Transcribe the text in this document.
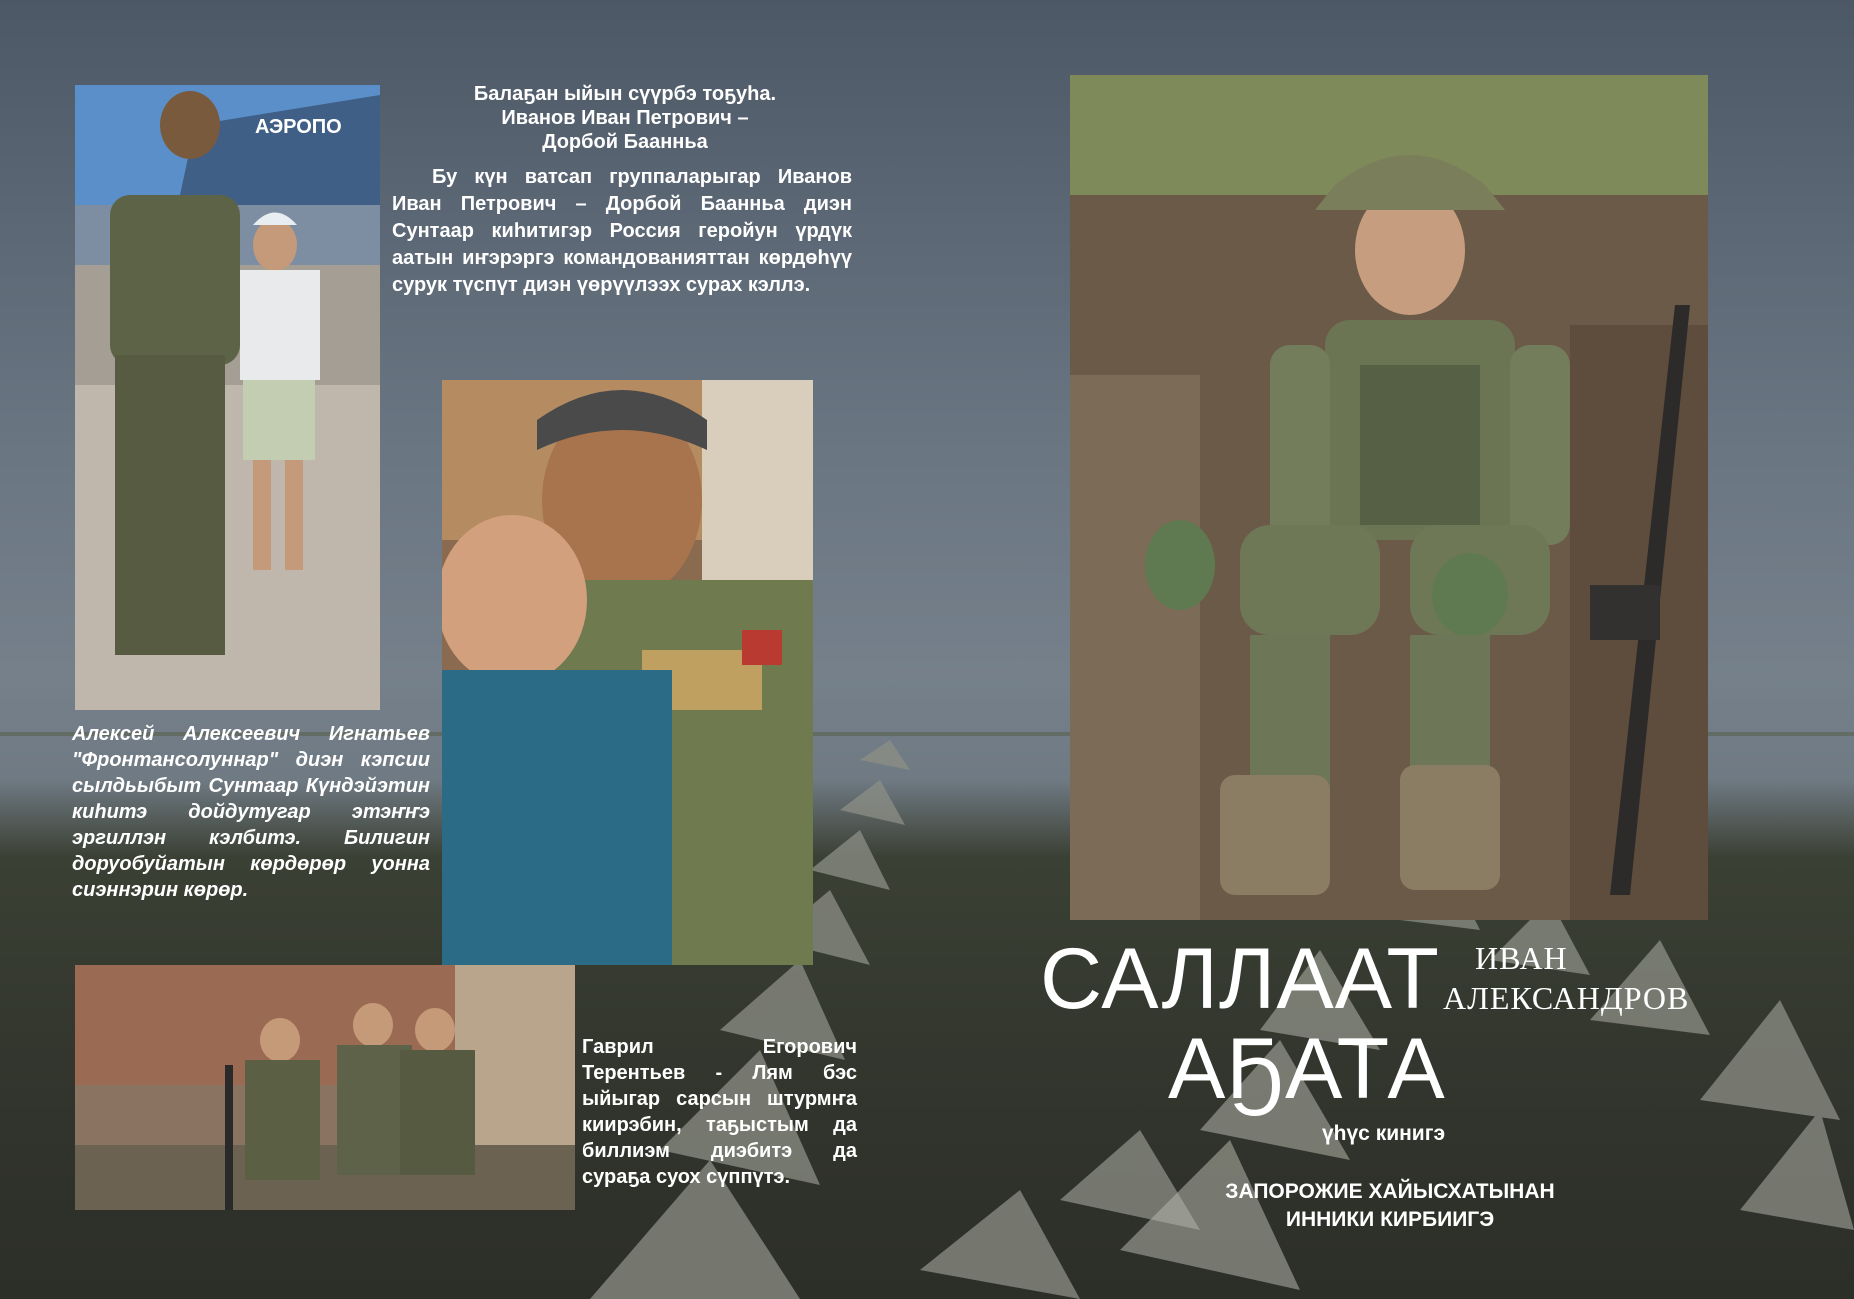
АЭРОПО
Балаҕан ыйын сүүрбэ тоҕуһа.
Иванов Иван Петрович –
Дорбой Баанньа
Бу күн ватсап группаларыгар Иванов Иван Петрович – Дорбой Баанньа диэн Сунтаар киһитигэр Россия геройун үрдүк аатын иҥэрэргэ командованияттан көрдөһүү сурук түспүт диэн үөрүүлээх сурах кэллэ.
Алексей Алексеевич Игнатьев "Фронтансолуннар" диэн кэпсии сылдьыбыт Сунтаар Күндэйэтин киһитэ дойдутугар этэҥҥэ эргиллэн кэлбитэ. Билигин доруобуйатын көрдөрөр уонна сиэннэрин көрөр.
Гаврил Егорович Терентьев - Лям бэс ыйыгар сарсын штурмҥа киирэбин, таҕыстым да биллиэм диэбитэ да сураҕа суох сүппүтэ.
САЛЛААТ
АҔАТА
ИВАН
АЛЕКСАНДРОВ
үһүс кинигэ
ЗАПОРОЖИЕ ХАЙЫСХАТЫНАН
ИННИКИ КИРБИИГЭ
